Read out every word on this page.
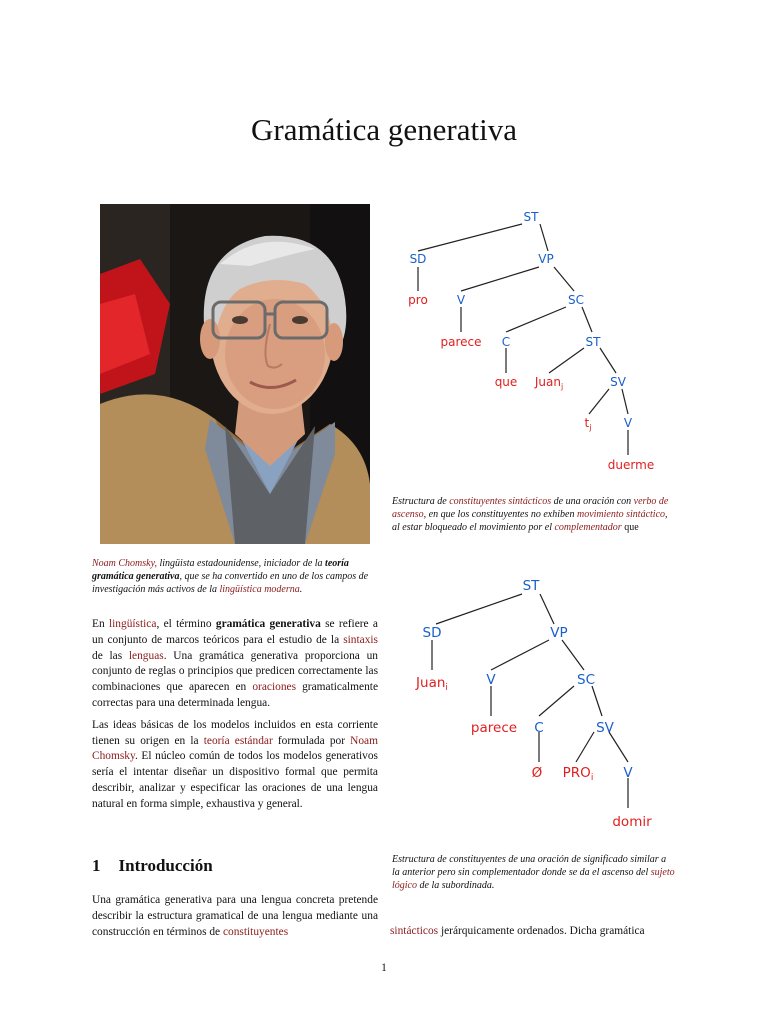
Gramática generativa
ST
SD	VP
pro V	SC
parece C	ST
que Juan$_j$	SV
$t_j$	V
duerme
Estructura de constituyentes sintácticos de una oración con verbo de ascenso, en que los constituyentes no exhiben movimiento sintáctico, al estar bloqueado el movimiento por el complementador que
ST
SD	VP
Juan$_i$	V	SC
parece C	SV
Ø $PRO_i$ V
domir
Noam Chomsky, lingüista estadounidense, iniciador de la teoría gramática generativa, que se ha convertido en uno de los campos de investigación más activos de la lingüística moderna.

En lingüística, el término gramática generativa se refiere a un conjunto de marcos teóricos para el estudio de la sintaxis de las lenguas. Una gramática generativa proporciona un conjunto de reglas o principios que predicen correctamente las combinaciones que aparecen en oraciones gramaticalmente correctas para una determinada lengua.

Las ideas básicas de los modelos incluidos en esta corriente tienen su origen en la teoría estándar formulada por Noam Chomsky. El núcleo común de todos los modelos generativos sería el intentar diseñar un dispositivo formal que permita describir, analizar y especificar las oraciones de una lengua natural en forma simple, exhaustiva y general.

Estructura de constituyentes de una oración de significado similar a la anterior pero sin complementador donde se da el ascenso del sujeto lógico de la subordinada.
1 Introducción
Una gramática generativa para una lengua concreta pretende describir la estructura gramatical de una lengua mediante una construcción en términos de constituyentes	sintácticos jerárquicamente ordenados. Dicha gramática
1
